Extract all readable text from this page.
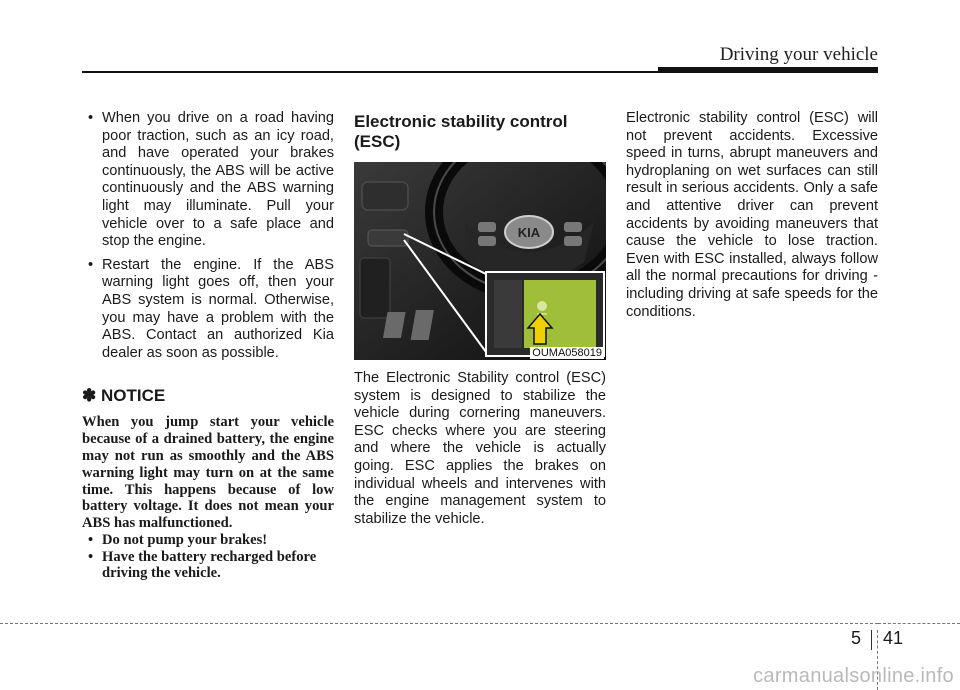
Driving your vehicle
• When you drive on a road having poor traction, such as an icy road, and have operated your brakes continuously, the ABS will be active continuously and the ABS warning light may illuminate. Pull your vehicle over to a safe place and stop the engine.
• Restart the engine. If the ABS warning light goes off, then your ABS system is normal. Otherwise, you may have a problem with the ABS. Contact an authorized Kia dealer as soon as possible.
✽ NOTICE
When you jump start your vehicle because of a drained battery, the engine may not run as smoothly and the ABS warning light may turn on at the same time. This happens because of low battery voltage. It does not mean your ABS has malfunctioned.
• Do not pump your brakes!
• Have the battery recharged before driving the vehicle.
Electronic stability control (ESC)
KIA
OUMA058019

The Electronic Stability control (ESC) system is designed to stabilize the vehicle during cornering maneuvers. ESC checks where you are steering and where the vehicle is actually going. ESC applies the brakes on individual wheels and intervenes with the engine management system to stabilize the vehicle.

Electronic stability control (ESC) will not prevent accidents. Excessive speed in turns, abrupt maneuvers and hydroplaning on wet surfaces can still result in serious accidents. Only a safe and attentive driver can prevent accidents by avoiding maneuvers that cause the vehicle to lose traction. Even with ESC installed, always follow all the normal precautions for driving - including driving at safe speeds for the conditions.

5 41
carmanualsonline.info
